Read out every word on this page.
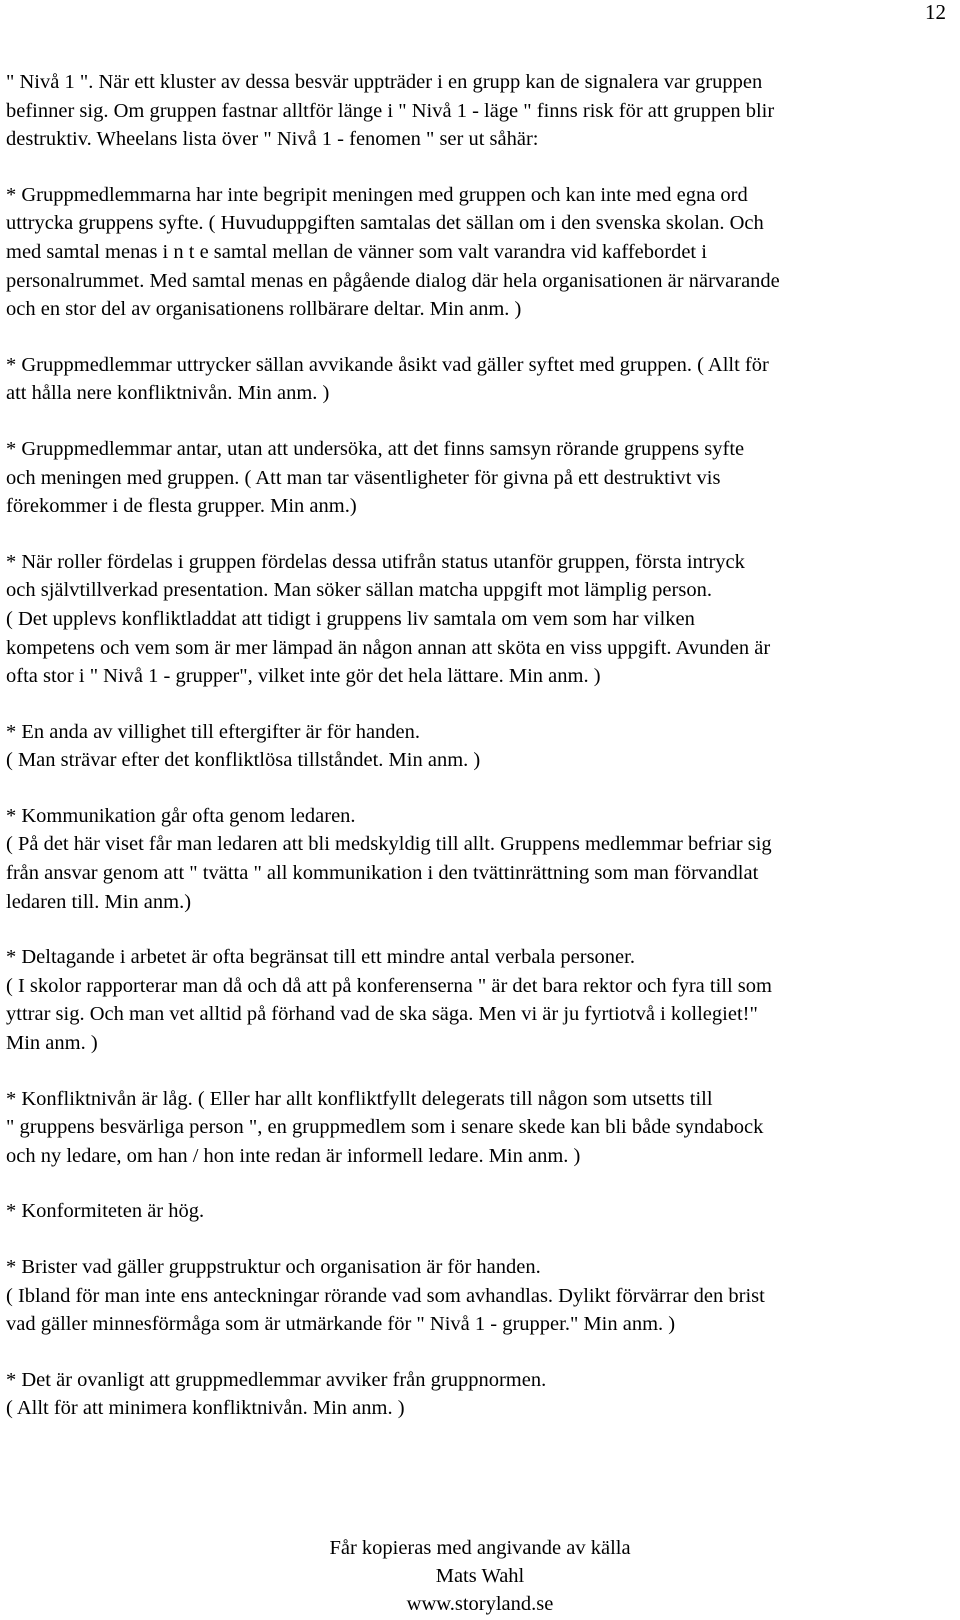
12

" Nivå 1 ". När ett kluster av dessa besvär uppträder i en grupp kan de signalera var gruppen
befinner sig. Om gruppen fastnar alltför länge i " Nivå 1 - läge " finns risk för att gruppen blir
destruktiv. Wheelans lista över " Nivå 1 - fenomen " ser ut såhär:

* Gruppmedlemmarna har inte begripit meningen med gruppen och kan inte med egna ord
uttrycka gruppens syfte. ( Huvuduppgiften samtalas det sällan om i den svenska skolan. Och
med samtal menas i n t e samtal mellan de vänner som valt varandra vid kaffebordet i
personalrummet. Med samtal menas en pågående dialog där hela organisationen är närvarande
och en stor del av organisationens rollbärare deltar. Min anm. )

* Gruppmedlemmar uttrycker sällan avvikande åsikt vad gäller syftet med gruppen. ( Allt för
att hålla nere konfliktnivån. Min anm. )

* Gruppmedlemmar antar, utan att undersöka, att det finns samsyn rörande gruppens syfte
och meningen med gruppen. ( Att man tar väsentligheter för givna på ett destruktivt vis
förekommer i de flesta grupper. Min anm.)

* När roller fördelas i gruppen fördelas dessa utifrån status utanför gruppen, första intryck
och självtillverkad presentation. Man söker sällan matcha uppgift mot lämplig person.
( Det upplevs konfliktladdat att tidigt i gruppens liv samtala om vem som har vilken
kompetens och vem som är mer lämpad än någon annan att sköta en viss uppgift. Avunden är
ofta stor i " Nivå 1 - grupper", vilket inte gör det hela lättare. Min anm. )

* En anda av villighet till eftergifter är för handen.
( Man strävar efter det konfliktlösa tillståndet. Min anm. )

* Kommunikation går ofta genom ledaren.
( På det här viset får man ledaren att bli medskyldig till allt. Gruppens medlemmar befriar sig
från ansvar genom att " tvätta " all kommunikation i den tvättinrättning som man förvandlat
ledaren till. Min anm.)

* Deltagande i arbetet är ofta begränsat till ett mindre antal verbala personer.
( I skolor rapporterar man då och då att på konferenserna " är det bara rektor och fyra till som
yttrar sig. Och man vet alltid på förhand vad de ska säga. Men vi är ju fyrtiotvå i kollegiet!"
Min anm. )

* Konfliktnivån är låg. ( Eller har allt konfliktfyllt delegerats till någon som utsetts till
" gruppens besvärliga person ", en gruppmedlem som i senare skede kan bli både syndabock
och ny ledare, om han / hon inte redan är informell ledare. Min anm. )

* Konformiteten är hög.

* Brister vad gäller gruppstruktur och organisation är för handen.
( Ibland för man inte ens anteckningar rörande vad som avhandlas. Dylikt förvärrar den brist
vad gäller minnesförmåga som är utmärkande för " Nivå 1 - grupper." Min anm. )

* Det är ovanligt att gruppmedlemmar avviker från gruppnormen.
( Allt för att minimera konfliktnivån. Min anm. )

Får kopieras med angivande av källa
Mats Wahl
www.storyland.se
